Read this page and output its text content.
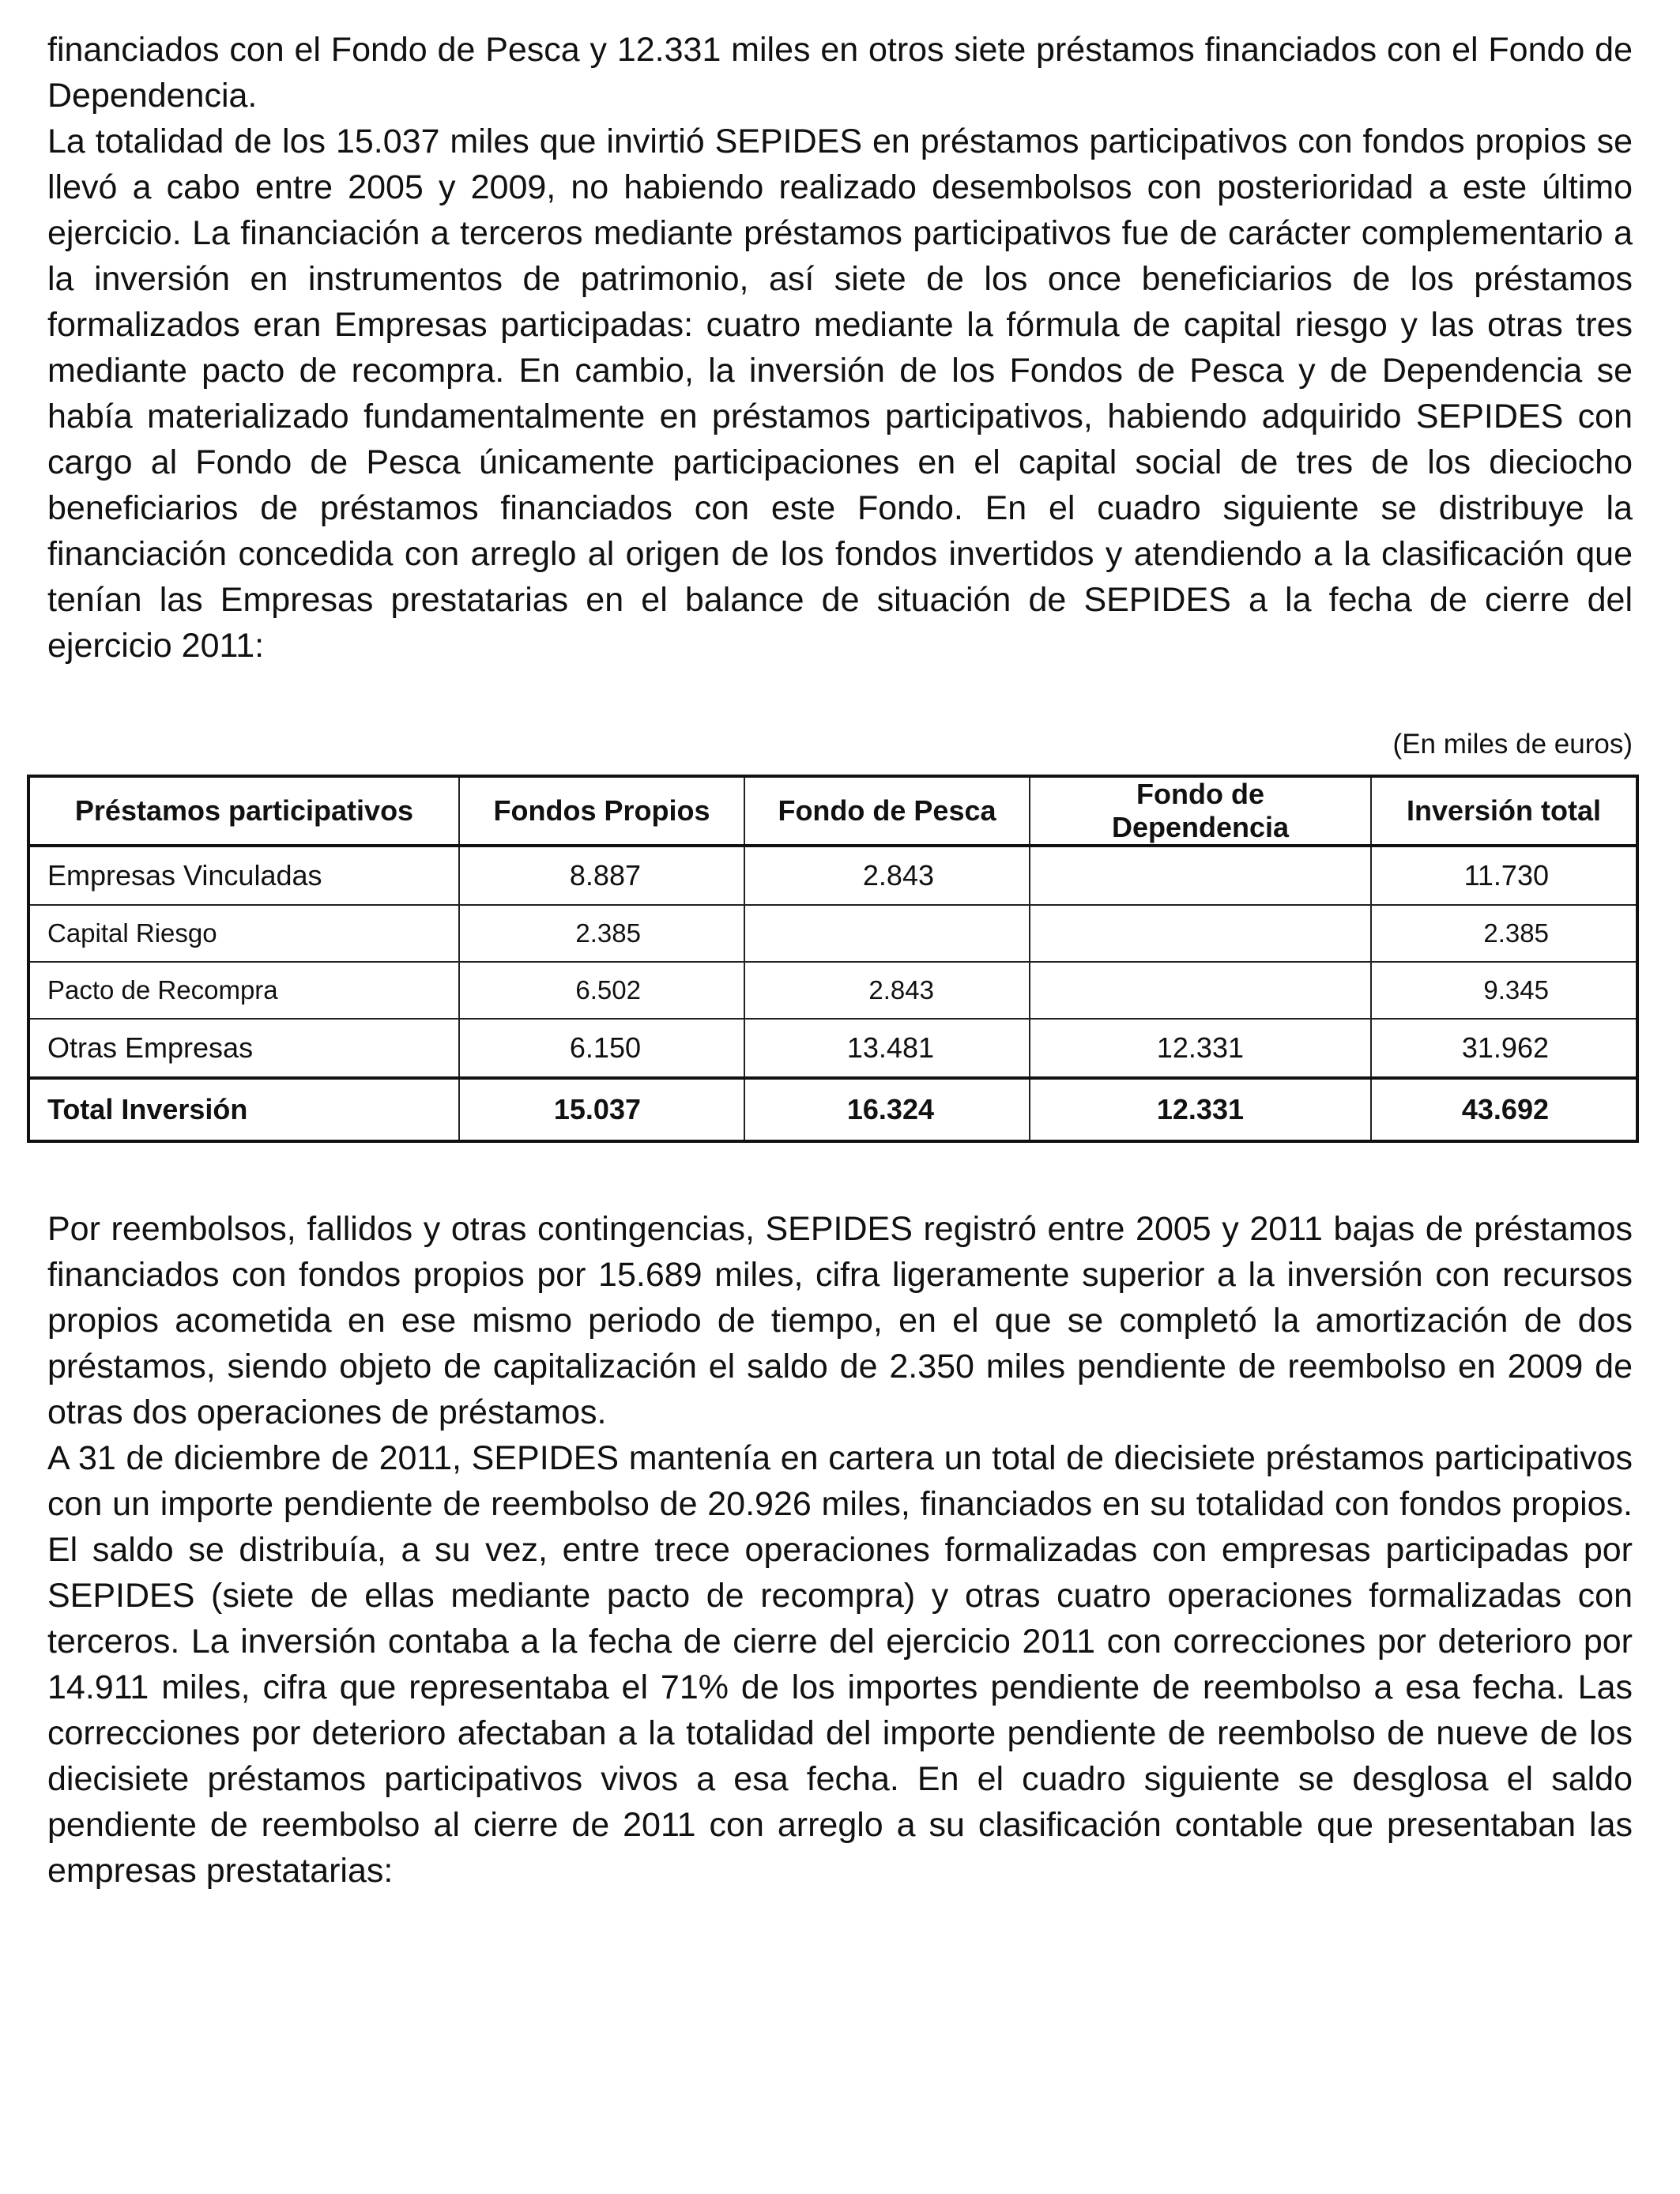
financiados con el Fondo de Pesca y 12.331 miles en otros siete préstamos financiados con el Fondo de Dependencia.

La totalidad de los 15.037 miles que invirtió SEPIDES en préstamos participativos con fondos propios se llevó a cabo entre 2005 y 2009, no habiendo realizado desembolsos con posterioridad a este último ejercicio. La financiación a terceros mediante préstamos participativos fue de carácter complementario a la inversión en instrumentos de patrimonio, así siete de los once beneficiarios de los préstamos formalizados eran Empresas participadas: cuatro mediante la fórmula de capital riesgo y las otras tres mediante pacto de recompra. En cambio, la inversión de los Fondos de Pesca y de Dependencia se había materializado fundamentalmente en préstamos participativos, habiendo adquirido SEPIDES con cargo al Fondo de Pesca únicamente participaciones en el capital social de tres de los dieciocho beneficiarios de préstamos financiados con este Fondo. En el cuadro siguiente se distribuye la financiación concedida con arreglo al origen de los fondos invertidos y atendiendo a la clasificación que tenían las Empresas prestatarias en el balance de situación de SEPIDES a la fecha de cierre del ejercicio 2011:

(En miles de euros)
Préstamos participativos	Fondos Propios	Fondo de Pesca	Fondo de Dependencia	Inversión total
Empresas Vinculadas	8.887	2.843		11.730
Capital Riesgo	2.385			2.385
Pacto de Recompra	6.502	2.843		9.345
Otras Empresas	6.150	13.481	12.331	31.962
Total Inversión	15.037	16.324	12.331	43.692

Por reembolsos, fallidos y otras contingencias, SEPIDES registró entre 2005 y 2011 bajas de préstamos financiados con fondos propios por 15.689 miles, cifra ligeramente superior a la inversión con recursos propios acometida en ese mismo periodo de tiempo, en el que se completó la amortización de dos préstamos, siendo objeto de capitalización el saldo de 2.350 miles pendiente de reembolso en 2009 de otras dos operaciones de préstamos.

A 31 de diciembre de 2011, SEPIDES mantenía en cartera un total de diecisiete préstamos participativos con un importe pendiente de reembolso de 20.926 miles, financiados en su totalidad con fondos propios. El saldo se distribuía, a su vez, entre trece operaciones formalizadas con empresas participadas por SEPIDES (siete de ellas mediante pacto de recompra) y otras cuatro operaciones formalizadas con terceros. La inversión contaba a la fecha de cierre del ejercicio 2011 con correcciones por deterioro por 14.911 miles, cifra que representaba el 71% de los importes pendiente de reembolso a esa fecha. Las correcciones por deterioro afectaban a la totalidad del importe pendiente de reembolso de nueve de los diecisiete préstamos participativos vivos a esa fecha. En el cuadro siguiente se desglosa el saldo pendiente de reembolso al cierre de 2011 con arreglo a su clasificación contable que presentaban las empresas prestatarias:
